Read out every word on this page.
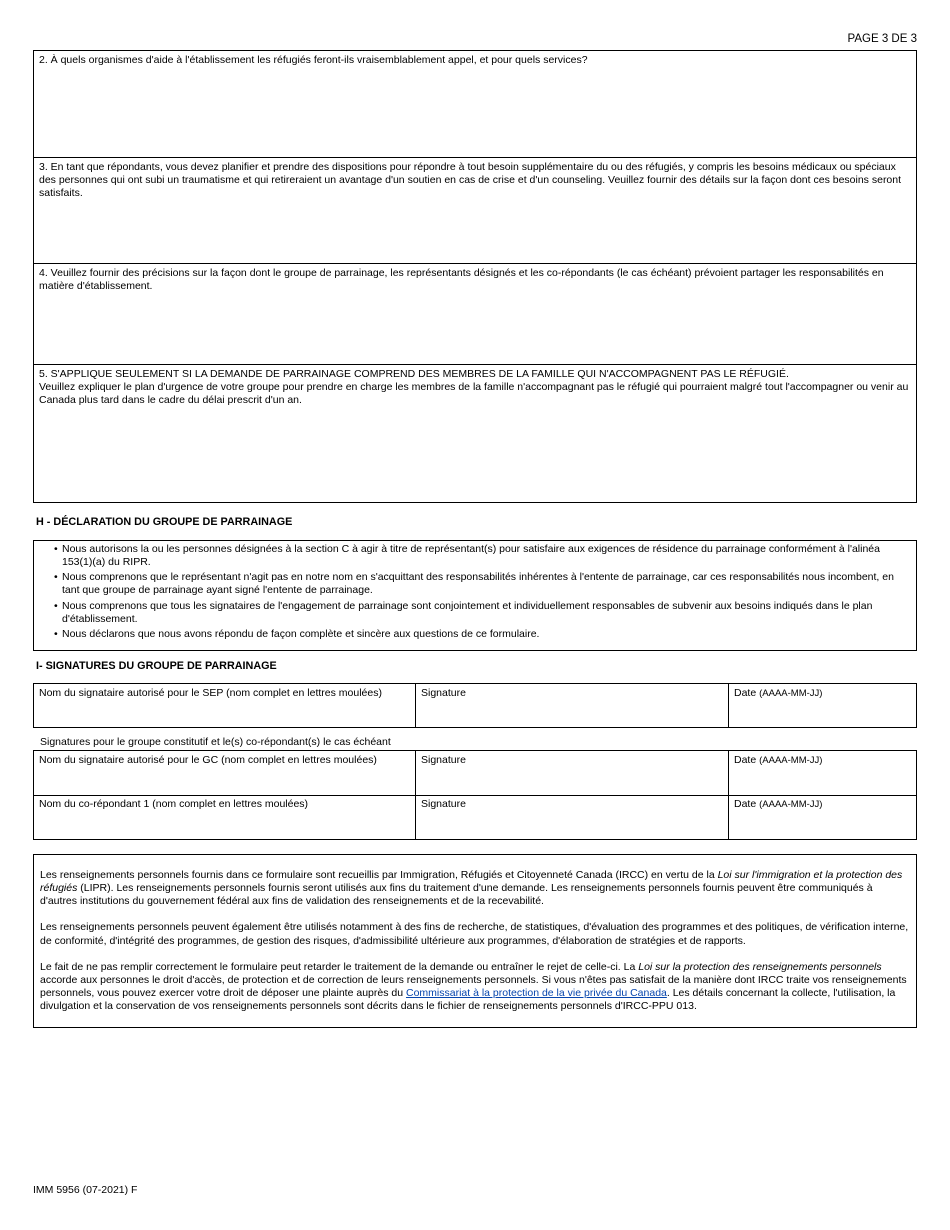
PAGE 3 DE 3

2. À quels organismes d'aide à l'établissement les réfugiés feront-ils vraisemblablement appel, et pour quels services?

3. En tant que répondants, vous devez planifier et prendre des dispositions pour répondre à tout besoin supplémentaire du ou des réfugiés, y compris les besoins médicaux ou spéciaux des personnes qui ont subi un traumatisme et qui retireraient un avantage d'un soutien en cas de crise et d'un counseling. Veuillez fournir des détails sur la façon dont ces besoins seront satisfaits.

4. Veuillez fournir des précisions sur la façon dont le groupe de parrainage, les représentants désignés et les co-répondants (le cas échéant) prévoient partager les responsabilités en matière d'établissement.

5. S'APPLIQUE SEULEMENT SI LA DEMANDE DE PARRAINAGE COMPREND DES MEMBRES DE LA FAMILLE QUI N'ACCOMPAGNENT PAS LE RÉFUGIÉ.

Veuillez expliquer le plan d'urgence de votre groupe pour prendre en charge les membres de la famille n'accompagnant pas le réfugié qui pourraient malgré tout l'accompagner ou venir au Canada plus tard dans le cadre du délai prescrit d'un an.

H - DÉCLARATION DU GROUPE DE PARRAINAGE
• Nous autorisons la ou les personnes désignées à la section C à agir à titre de représentant(s) pour satisfaire aux exigences de résidence du parrainage conformément à l'alinéa 153(1)(a) du RIPR.
• Nous comprenons que le représentant n'agit pas en notre nom en s'acquittant des responsabilités inhérentes à l'entente de parrainage, car ces responsabilités nous incombent, en tant que groupe de parrainage ayant signé l'entente de parrainage.
• Nous comprenons que tous les signataires de l'engagement de parrainage sont conjointement et individuellement responsables de subvenir aux besoins indiqués dans le plan d'établissement.
• Nous déclarons que nous avons répondu de façon complète et sincère aux questions de ce formulaire.
I- SIGNATURES DU GROUPE DE PARRAINAGE
Nom du signataire autorisé pour le SEP (nom complet en lettres moulées)	Signature	Date (AAAA-MM-JJ)
Signatures pour le groupe constitutif et le(s) co-répondant(s) le cas échéant
Nom du signataire autorisé pour le GC (nom complet en lettres moulées)	Signature	Date (AAAA-MM-JJ)
Nom du co-répondant 1 (nom complet en lettres moulées)	Signature	Date (AAAA-MM-JJ)

Les renseignements personnels fournis dans ce formulaire sont recueillis par Immigration, Réfugiés et Citoyenneté Canada (IRCC) en vertu de la Loi sur l'immigration et la protection des réfugiés (LIPR). Les renseignements personnels fournis seront utilisés aux fins du traitement d'une demande. Les renseignements personnels fournis peuvent être communiqués à d'autres institutions du gouvernement fédéral aux fins de validation des renseignements et de la recevabilité.

Les renseignements personnels peuvent également être utilisés notamment à des fins de recherche, de statistiques, d'évaluation des programmes et des politiques, de vérification interne, de conformité, d'intégrité des programmes, de gestion des risques, d'admissibilité ultérieure aux programmes, d'élaboration de stratégies et de rapports.

Le fait de ne pas remplir correctement le formulaire peut retarder le traitement de la demande ou entraîner le rejet de celle-ci. La Loi sur la protection des renseignements personnels accorde aux personnes le droit d'accès, de protection et de correction de leurs renseignements personnels. Si vous n'êtes pas satisfait de la manière dont IRCC traite vos renseignements personnels, vous pouvez exercer votre droit de déposer une plainte auprès du Commissariat à la protection de la vie privée du Canada. Les détails concernant la collecte, l'utilisation, la divulgation et la conservation de vos renseignements personnels sont décrits dans le fichier de renseignements personnels d'IRCC-PPU 013.

IMM 5956 (07-2021) F
